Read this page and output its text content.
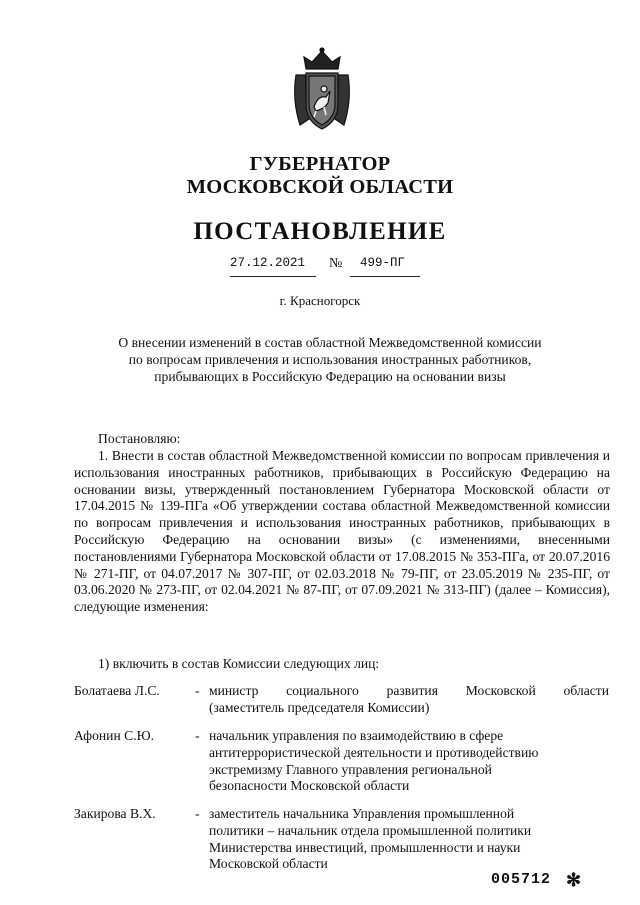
ГУБЕРНАТОР
МОСКОВСКОЙ ОБЛАСТИ
ПОСТАНОВЛЕНИЕ
27.12.2021	№	499-ПГ
г. Красногорск
О внесении изменений в состав областной Межведомственной комиссии
по вопросам привлечения и использования иностранных работников,
прибывающих в Российскую Федерацию на основании визы
Постановляю:

1. Внести в состав областной Межведомственной комиссии по вопросам привлечения и использования иностранных работников, прибывающих в Российскую Федерацию на основании визы, утвержденный постановлением Губернатора Московской области от 17.04.2015 № 139-ПГа «Об утверждении состава областной Межведомственной комиссии по вопросам привлечения и использования иностранных работников, прибывающих в Российскую Федерацию на основании визы» (с изменениями, внесенными постановлениями Губернатора Московской области от 17.08.2015 № 353-ПГа, от 20.07.2016 № 271-ПГ, от 04.07.2017 № 307-ПГ, от 02.03.2018 № 79-ПГ, от 23.05.2019 № 235-ПГ, от 03.06.2020 № 273-ПГ, от 02.04.2021 № 87-ПГ, от 07.09.2021 № 313-ПГ) (далее – Комиссия), следующие изменения:

1) включить в состав Комиссии следующих лиц:
Болатаева Л.С.	- министр социального развития Московской области
(заместитель председателя Комиссии)
Афонин С.Ю.	- начальник управления по взаимодействию в сфере
антитеррористической деятельности и противодействию
экстремизму Главного управления региональной
безопасности Московской области
Закирова В.Х.	- заместитель начальника Управления промышленной
политики – начальник отдела промышленной политики
Министерства инвестиций, промышленности и науки
Московской области
005712 ✻
